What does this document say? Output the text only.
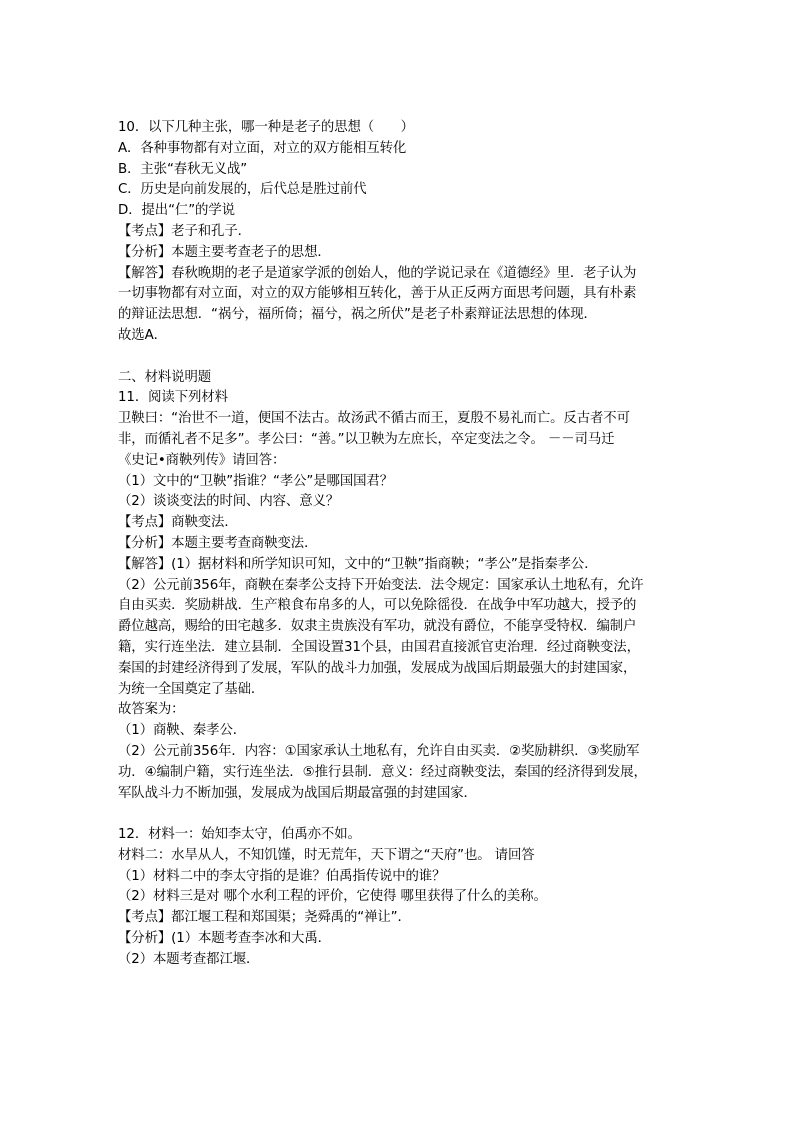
10．以下几种主张，哪一种是老子的思想（　　）
A．各种事物都有对立面，对立的双方能相互转化
B．主张“春秋无义战”
C．历史是向前发展的，后代总是胜过前代
D．提出“仁”的学说
【考点】老子和孔子．
【分析】本题主要考查老子的思想．
【解答】春秋晚期的老子是道家学派的创始人，他的学说记录在《道德经》里．老子认为
一切事物都有对立面，对立的双方能够相互转化，善于从正反两方面思考问题，具有朴素
的辩证法思想．“祸兮，福所倚；福兮，祸之所伏”是老子朴素辩证法思想的体现．
故选A．
二、材料说明题
11．阅读下列材料
卫鞅曰：“治世不一道，便国不法古。故汤武不循古而王，夏殷不易礼而亡。反古者不可
非，而循礼者不足多”。孝公曰：“善。”以卫鞅为左庶长，卒定变法之令。 －－司马迁
《史记•商鞅列传》请回答：
（1）文中的“卫鞅”指谁？“孝公”是哪国国君？
（2）谈谈变法的时间、内容、意义？
【考点】商鞅变法．
【分析】本题主要考查商鞅变法．
【解答】(1）据材料和所学知识可知，文中的“卫鞅”指商鞅；“孝公”是指秦孝公．
（2）公元前356年，商鞅在秦孝公支持下开始变法．法令规定：国家承认土地私有，允许
自由买卖．奖励耕战．生产粮食布帛多的人，可以免除徭役．在战争中军功越大，授予的
爵位越高，赐给的田宅越多．奴隶主贵族没有军功，就没有爵位，不能享受特权．编制户
籍，实行连坐法．建立县制．全国设置31个县，由国君直接派官吏治理．经过商鞅变法，
秦国的封建经济得到了发展，军队的战斗力加强，发展成为战国后期最强大的封建国家，
为统一全国奠定了基础．
故答案为：
（1）商鞅、秦孝公．
（2）公元前356年．内容：①国家承认土地私有，允许自由买卖．②奖励耕织．③奖励军
功．④编制户籍，实行连坐法．⑤推行县制．意义：经过商鞅变法，秦国的经济得到发展，
军队战斗力不断加强，发展成为战国后期最富强的封建国家．
12．材料一：始知李太守，伯禹亦不如。
材料二：水旱从人，不知饥馑，时无荒年，天下谓之“天府”也。 请回答
（1）材料二中的李太守指的是谁？伯禹指传说中的谁？
（2）材料三是对 哪个水利工程的评价，它使得 哪里获得了什么的美称。
【考点】都江堰工程和郑国渠；尧舜禹的“禅让”．
【分析】(1）本题考查李冰和大禹．
（2）本题考查都江堰．
